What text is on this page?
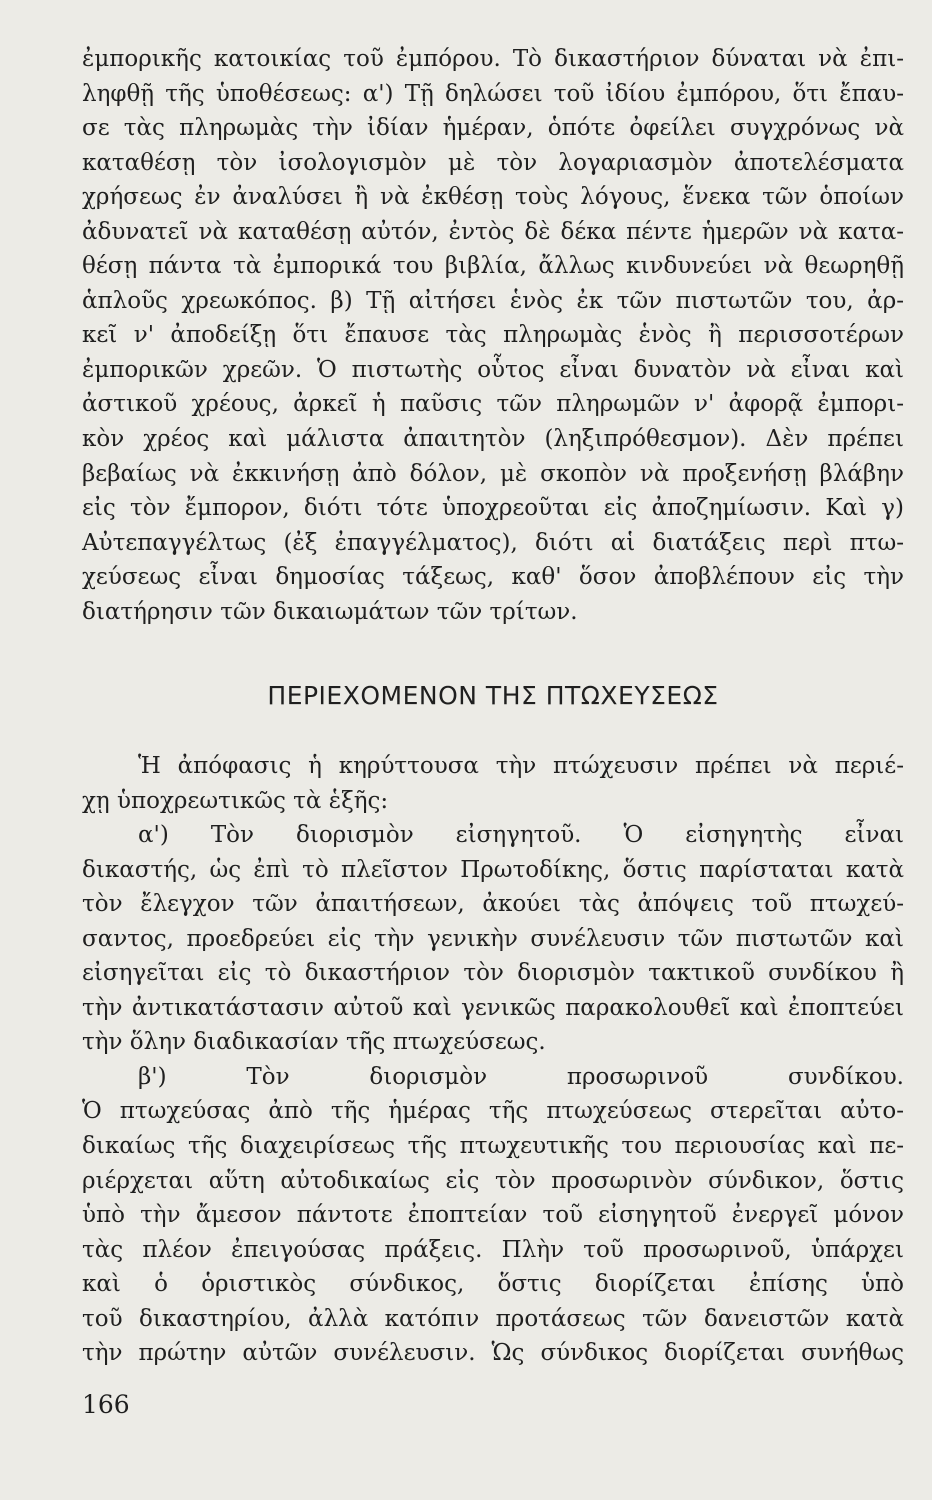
ἐμπορικῆς κατοικίας τοῦ ἐμπόρου. Τὸ δικαστήριον δύναται νὰ ἐπι-
ληφθῇ τῆς ὑποθέσεως: α') Τῇ δηλώσει τοῦ ἰδίου ἐμπόρου, ὅτι ἔπαυ-
σε τὰς πληρωμὰς τὴν ἰδίαν ἡμέραν, ὁπότε ὀφείλει συγχρόνως νὰ
καταθέσῃ τὸν ἰσολογισμὸν μὲ τὸν λογαριασμὸν ἀποτελέσματα
χρήσεως ἐν ἀναλύσει ἢ νὰ ἐκθέσῃ τοὺς λόγους, ἕνεκα τῶν ὁποίων
ἀδυνατεῖ νὰ καταθέσῃ αὐτόν, ἐντὸς δὲ δέκα πέντε ἡμερῶν νὰ κατα-
θέσῃ πάντα τὰ ἐμπορικά του βιβλία, ἄλλως κινδυνεύει νὰ θεωρηθῇ
ἁπλοῦς χρεωκόπος. β) Τῇ αἰτήσει ἑνὸς ἐκ τῶν πιστωτῶν του, ἀρ-
κεῖ ν' ἀποδείξῃ ὅτι ἔπαυσε τὰς πληρωμὰς ἑνὸς ἢ περισσοτέρων
ἐμπορικῶν χρεῶν. Ὁ πιστωτὴς οὗτος εἶναι δυνατὸν νὰ εἶναι καὶ
ἀστικοῦ χρέους, ἀρκεῖ ἡ παῦσις τῶν πληρωμῶν ν' ἀφορᾷ ἐμπορι-
κὸν χρέος καὶ μάλιστα ἀπαιτητὸν (ληξιπρόθεσμον). Δὲν πρέπει
βεβαίως νὰ ἐκκινήσῃ ἀπὸ δόλον, μὲ σκοπὸν νὰ προξενήσῃ βλάβην
εἰς τὸν ἔμπορον, διότι τότε ὑποχρεοῦται εἰς ἀποζημίωσιν. Καὶ γ)
Αὐτεπαγγέλτως (ἐξ ἐπαγγέλματος), διότι αἱ διατάξεις περὶ πτω-
χεύσεως εἶναι δημοσίας τάξεως, καθ' ὅσον ἀποβλέπουν εἰς τὴν
διατήρησιν τῶν δικαιωμάτων τῶν τρίτων.
ΠΕΡΙΕΧΟΜΕΝΟΝ ΤΗΣ ΠΤΩΧΕΥΣΕΩΣ
Ἡ ἀπόφασις ἡ κηρύττουσα τὴν πτώχευσιν πρέπει νὰ περιέ-
χῃ ὑποχρεωτικῶς τὰ ἑξῆς:
α') Τὸν διορισμὸν εἰσηγητοῦ. Ὁ εἰσηγητὴς εἶναι
δικαστής, ὡς ἐπὶ τὸ πλεῖστον Πρωτοδίκης, ὅστις παρίσταται κατὰ
τὸν ἔλεγχον τῶν ἀπαιτήσεων, ἀκούει τὰς ἀπόψεις τοῦ πτωχεύ-
σαντος, προεδρεύει εἰς τὴν γενικὴν συνέλευσιν τῶν πιστωτῶν καὶ
εἰσηγεῖται εἰς τὸ δικαστήριον τὸν διορισμὸν τακτικοῦ συνδίκου ἢ
τὴν ἀντικατάστασιν αὐτοῦ καὶ γενικῶς παρακολουθεῖ καὶ ἐποπτεύει
τὴν ὅλην διαδικασίαν τῆς πτωχεύσεως.
β') Τὸν διορισμὸν προσωρινοῦ συνδίκου.
Ὁ πτωχεύσας ἀπὸ τῆς ἡμέρας τῆς πτωχεύσεως στερεῖται αὐτο-
δικαίως τῆς διαχειρίσεως τῆς πτωχευτικῆς του περιουσίας καὶ πε-
ριέρχεται αὕτη αὐτοδικαίως εἰς τὸν προσωρινὸν σύνδικον, ὅστις
ὑπὸ τὴν ἄμεσον πάντοτε ἐποπτείαν τοῦ εἰσηγητοῦ ἐνεργεῖ μόνον
τὰς πλέον ἐπειγούσας πράξεις. Πλὴν τοῦ προσωρινοῦ, ὑπάρχει
καὶ ὁ ὁριστικὸς σύνδικος, ὅστις διορίζεται ἐπίσης ὑπὸ
τοῦ δικαστηρίου, ἀλλὰ κατόπιν προτάσεως τῶν δανειστῶν κατὰ
τὴν πρώτην αὐτῶν συνέλευσιν. Ὡς σύνδικος διορίζεται συνήθως
166
